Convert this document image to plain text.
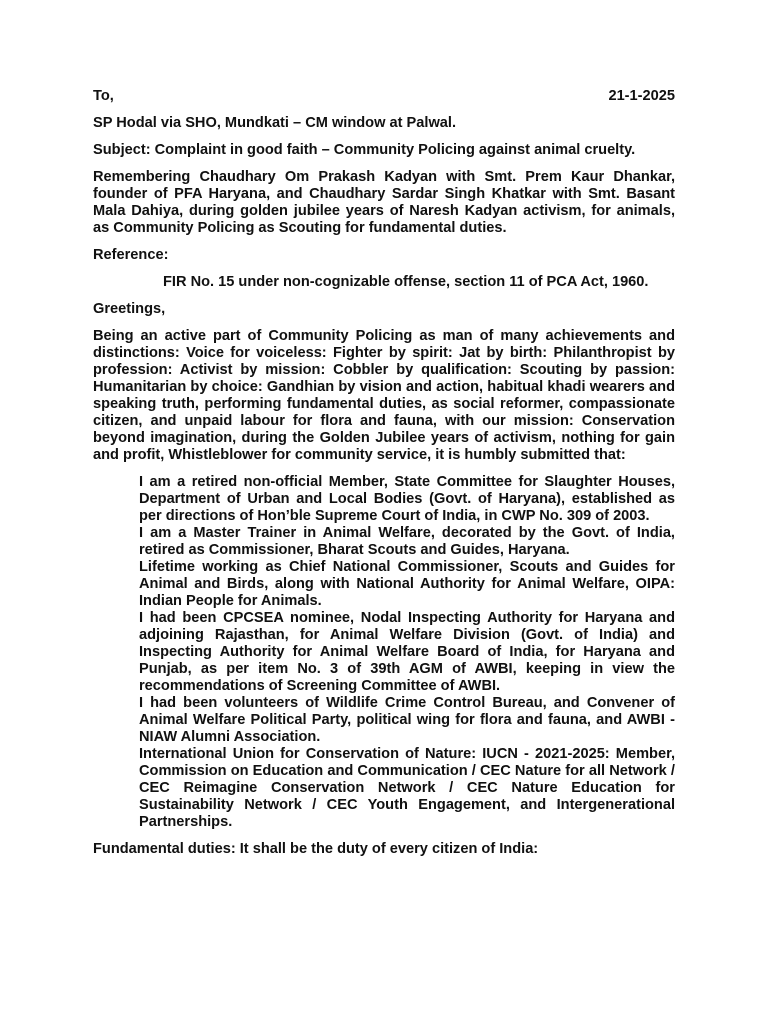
To,	21-1-2025

SP Hodal via SHO, Mundkati – CM window at Palwal.

Subject: Complaint in good faith – Community Policing against animal cruelty.

Remembering Chaudhary Om Prakash Kadyan with Smt. Prem Kaur Dhankar, founder of PFA Haryana, and Chaudhary Sardar Singh Khatkar with Smt. Basant Mala Dahiya, during golden jubilee years of Naresh Kadyan activism, for animals, as Community Policing as Scouting for fundamental duties.

Reference:

FIR No. 15 under non-cognizable offense, section 11 of PCA Act, 1960.

Greetings,

Being an active part of Community Policing as man of many achievements and distinctions: Voice for voiceless: Fighter by spirit: Jat by birth: Philanthropist by profession: Activist by mission: Cobbler by qualification: Scouting by passion: Humanitarian by choice: Gandhian by vision and action, habitual khadi wearers and speaking truth, performing fundamental duties, as social reformer, compassionate citizen, and unpaid labour for flora and fauna, with our mission: Conservation beyond imagination, during the Golden Jubilee years of activism, nothing for gain and profit, Whistleblower for community service, it is humbly submitted that:

I am a retired non-official Member, State Committee for Slaughter Houses, Department of Urban and Local Bodies (Govt. of Haryana), established as per directions of Hon’ble Supreme Court of India, in CWP No. 309 of 2003.
I am a Master Trainer in Animal Welfare, decorated by the Govt. of India, retired as Commissioner, Bharat Scouts and Guides, Haryana.
Lifetime working as Chief National Commissioner, Scouts and Guides for Animal and Birds, along with National Authority for Animal Welfare, OIPA: Indian People for Animals.
I had been CPCSEA nominee, Nodal Inspecting Authority for Haryana and adjoining Rajasthan, for Animal Welfare Division (Govt. of India) and Inspecting Authority for Animal Welfare Board of India, for Haryana and Punjab, as per item No. 3 of 39th AGM of AWBI, keeping in view the recommendations of Screening Committee of AWBI.
I had been volunteers of Wildlife Crime Control Bureau, and Convener of Animal Welfare Political Party, political wing for flora and fauna, and AWBI - NIAW Alumni Association.
International Union for Conservation of Nature: IUCN - 2021-2025: Member, Commission on Education and Communication / CEC Nature for all Network / CEC Reimagine Conservation Network / CEC Nature Education for Sustainability Network / CEC Youth Engagement, and Intergenerational Partnerships.

Fundamental duties: It shall be the duty of every citizen of India:
